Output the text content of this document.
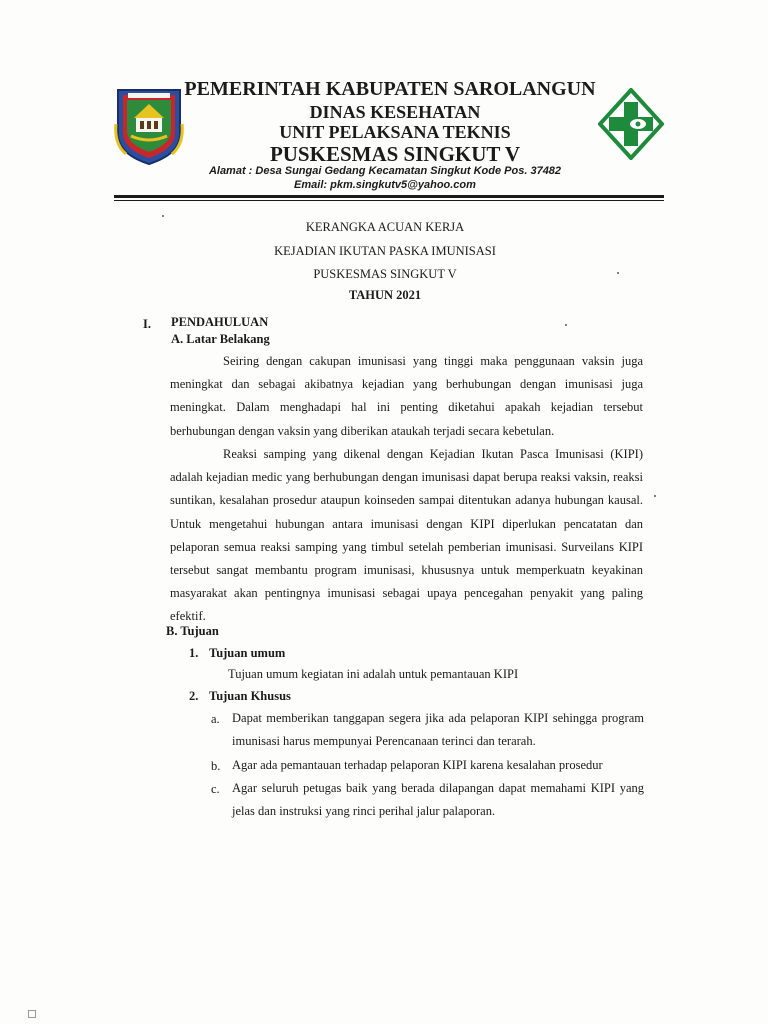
PEMERINTAH KABUPATEN SAROLANGUN
DINAS KESEHATAN
UNIT PELAKSANA TEKNIS
PUSKESMAS SINGKUT V
Alamat : Desa Sungai Gedang Kecamatan Singkut Kode Pos. 37482
Email: pkm.singkutv5@yahoo.com
KERANGKA ACUAN KERJA
KEJADIAN IKUTAN PASKA IMUNISASI
PUSKESMAS SINGKUT V
TAHUN 2021
I. PENDAHULUAN
A. Latar Belakang
Seiring dengan cakupan imunisasi yang tinggi maka penggunaan vaksin juga meningkat dan sebagai akibatnya kejadian yang berhubungan dengan imunisasi juga meningkat. Dalam menghadapi hal ini penting diketahui apakah kejadian tersebut berhubungan dengan vaksin yang diberikan ataukah terjadi secara kebetulan.
Reaksi samping yang dikenal dengan Kejadian Ikutan Pasca Imunisasi (KIPI) adalah kejadian medic yang berhubungan dengan imunisasi dapat berupa reaksi vaksin, reaksi suntikan, kesalahan prosedur ataupun koinseden sampai ditentukan adanya hubungan kausal. Untuk mengetahui hubungan antara imunisasi dengan KIPI diperlukan pencatatan dan pelaporan semua reaksi samping yang timbul setelah pemberian imunisasi. Surveilans KIPI tersebut sangat membantu program imunisasi, khususnya untuk memperkuatn keyakinan masyarakat akan pentingnya imunisasi sebagai upaya pencegahan penyakit yang paling efektif.
B. Tujuan
1. Tujuan umum
Tujuan umum kegiatan ini adalah untuk pemantauan KIPI
2. Tujuan Khusus
a. Dapat memberikan tanggapan segera jika ada pelaporan KIPI sehingga program imunisasi harus mempunyai Perencanaan terinci dan terarah.
b. Agar ada pemantauan terhadap pelaporan KIPI karena kesalahan prosedur
c. Agar seluruh petugas baik yang berada dilapangan dapat memahami KIPI yang jelas dan instruksi yang rinci perihal jalur palaporan.
